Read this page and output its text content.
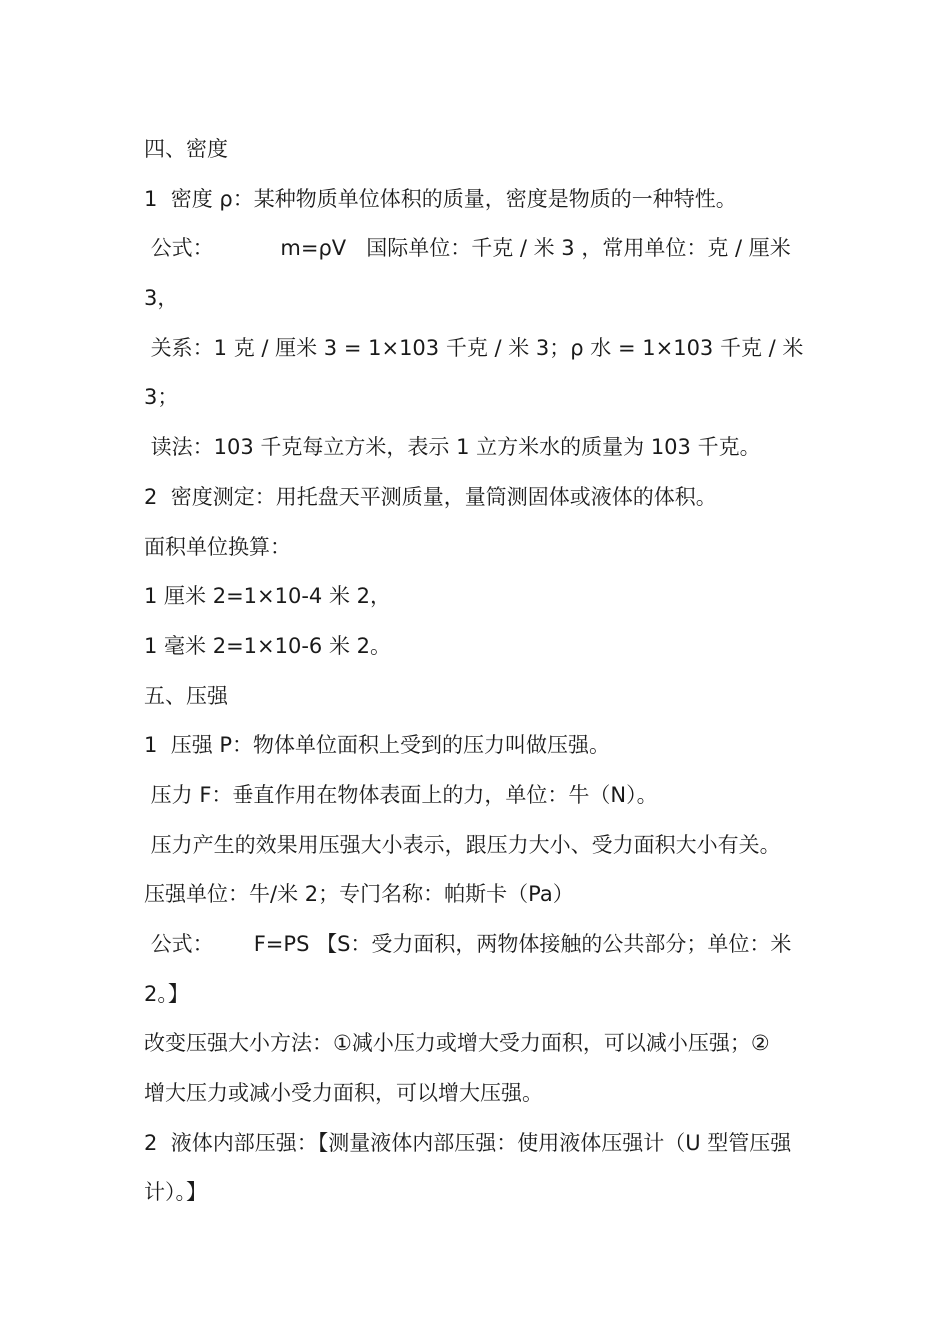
四、密度
1  密度 ρ：某种物质单位体积的质量，密度是物质的一种特性。
公式：          m=ρV   国际单位：千克 / 米 3 ，常用单位：克 / 厘米
3，
关系：1 克 / 厘米 3 = 1×103 千克 / 米 3；ρ 水 = 1×103 千克 / 米
3；
读法：103 千克每立方米，表示 1 立方米水的质量为 103 千克。
2  密度测定：用托盘天平测质量，量筒测固体或液体的体积。
面积单位换算：
1 厘米 2=1×10-4 米 2，
1 毫米 2=1×10-6 米 2。
五、压强
1  压强 P：物体单位面积上受到的压力叫做压强。
压力 F：垂直作用在物体表面上的力，单位：牛（N）。
压力产生的效果用压强大小表示，跟压力大小、受力面积大小有关。
压强单位：牛/米 2；专门名称：帕斯卡（Pa）
公式：      F=PS 【S：受力面积，两物体接触的公共部分；单位：米
2。】
改变压强大小方法：①减小压力或增大受力面积，可以减小压强；②
增大压力或减小受力面积，可以增大压强。
2  液体内部压强：【测量液体内部压强：使用液体压强计（U 型管压强
计）。】
